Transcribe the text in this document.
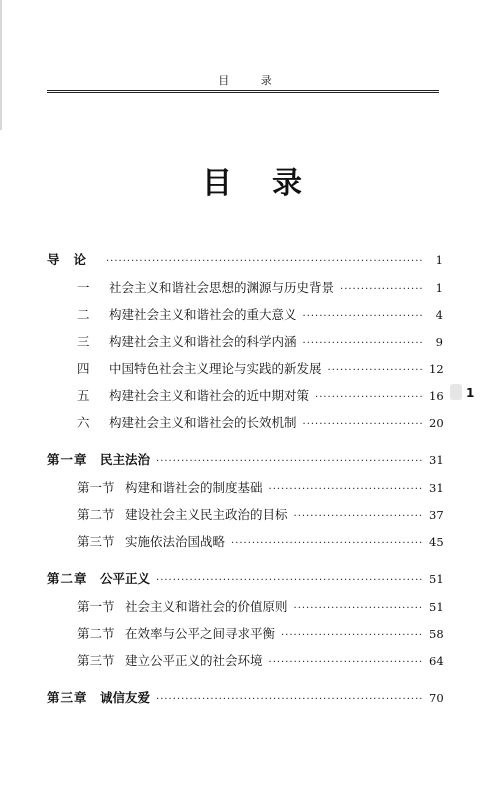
目 录
目录
导论 ·····	1
一	社会主义和谐社会思想的渊源与历史背景 ·····	1
二	构建社会主义和谐社会的重大意义 ·····	4
三	构建社会主义和谐社会的科学内涵 ·····	9
四	中国特色社会主义理论与实践的新发展 ·····	12
五	构建社会主义和谐社会的近中期对策 ·····	16
六	构建社会主义和谐社会的长效机制 ·····	20
第一章 民主法治 ·····	31
第一节 构建和谐社会的制度基础 ·····	31
第二节 建设社会主义民主政治的目标 ·····	37
第三节 实施依法治国战略 ·····	45
第二章 公平正义 ·····	51
第一节 社会主义和谐社会的价值原则 ·····	51
第二节 在效率与公平之间寻求平衡 ·····	58
第三节 建立公平正义的社会环境 ·····	64
第三章 诚信友爱 ·····	70
1
